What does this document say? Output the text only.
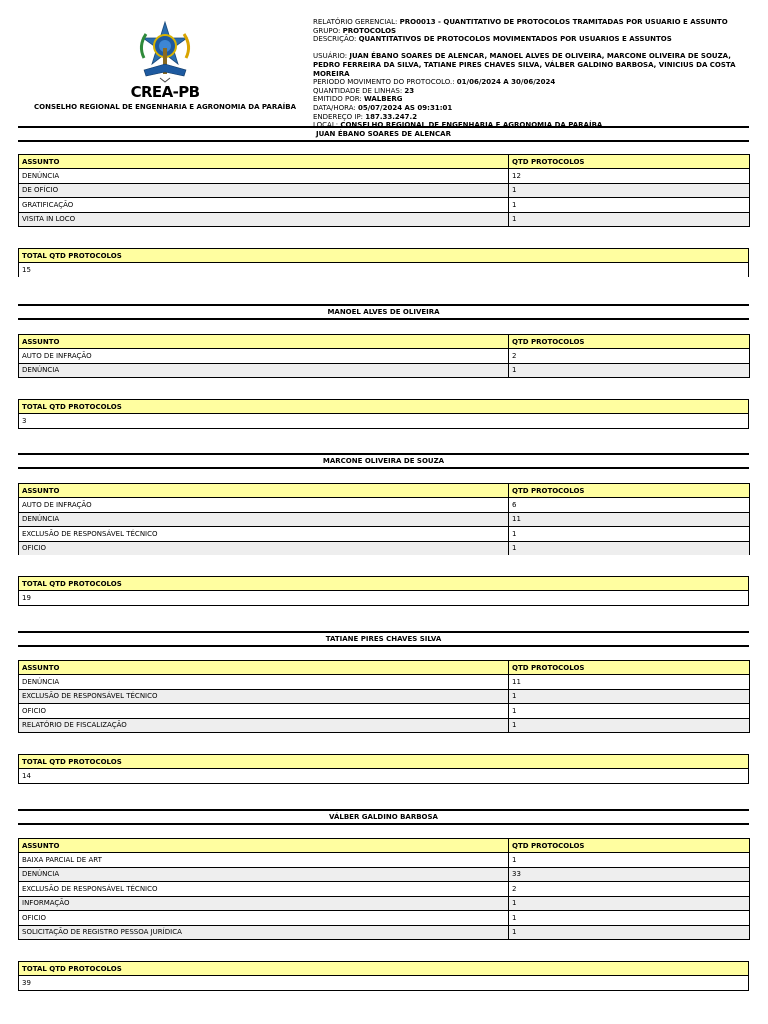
CREA-PB
CONSELHO REGIONAL DE ENGENHARIA E AGRONOMIA DA PARAÍBA
RELATÓRIO GERENCIAL: PRO0013 - QUANTITATIVO DE PROTOCOLOS TRAMITADAS POR USUARIO E ASSUNTO
GRUPO: PROTOCOLOS
DESCRIÇÃO: QUANTITATIVOS DE PROTOCOLOS MOVIMENTADOS POR USUARIOS E ASSUNTOS
USUÁRIO: JUAN ÉBANO SOARES DE ALENCAR, MANOEL ALVES DE OLIVEIRA, MARCONE OLIVEIRA DE SOUZA, PEDRO FERREIRA DA SILVA, TATIANE PIRES CHAVES SILVA, VÁLBER GALDINO BARBOSA, VINICIUS DA COSTA MOREIRA
PERIODO MOVIMENTO DO PROTOCOLO.: 01/06/2024 A 30/06/2024
QUANTIDADE DE LINHAS: 23
EMITIDO POR: WALBERG
DATA/HORA: 05/07/2024 AS 09:31:01
ENDEREÇO IP: 187.33.247.2
LOCAL: CONSELHO REGIONAL DE ENGENHARIA E AGRONOMIA DA PARAÍBA
JUAN ÉBANO SOARES DE ALENCAR
ASSUNTO	QTD PROTOCOLOS
DENÚNCIA	12
DE OFÍCIO	1
GRATIFICAÇÃO	1
VISITA IN LOCO	1
TOTAL QTD PROTOCOLOS
15
MANOEL ALVES DE OLIVEIRA
ASSUNTO	QTD PROTOCOLOS
AUTO DE INFRAÇÃO	2
DENÚNCIA	1
TOTAL QTD PROTOCOLOS
3
MARCONE OLIVEIRA DE SOUZA
ASSUNTO	QTD PROTOCOLOS
AUTO DE INFRAÇÃO	6
DENÚNCIA	11
EXCLUSÃO DE RESPONSÁVEL TÉCNICO	1
OFICIO	1
TOTAL QTD PROTOCOLOS
19
TATIANE PIRES CHAVES SILVA
ASSUNTO	QTD PROTOCOLOS
DENÚNCIA	11
EXCLUSÃO DE RESPONSÁVEL TÉCNICO	1
OFICIO	1
RELATÓRIO DE FISCALIZAÇÃO	1
TOTAL QTD PROTOCOLOS
14
VÁLBER GALDINO BARBOSA
ASSUNTO	QTD PROTOCOLOS
BAIXA PARCIAL DE ART	1
DENÚNCIA	33
EXCLUSÃO DE RESPONSÁVEL TÉCNICO	2
INFORMAÇÃO	1
OFICIO	1
SOLICITAÇÃO DE REGISTRO PESSOA JURÍDICA	1
TOTAL QTD PROTOCOLOS
39
